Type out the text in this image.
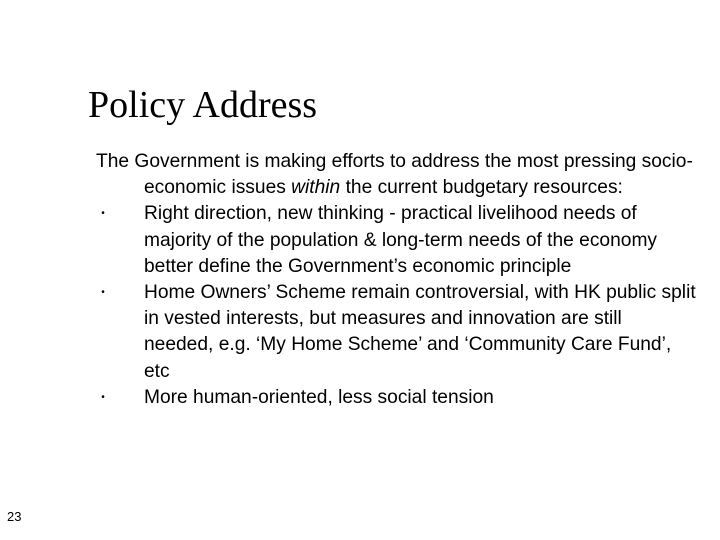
Policy Address

The Government is making efforts to address the most pressing socio-economic issues within the current budgetary resources:

• Right direction, new thinking - practical livelihood needs of majority of the population & long-term needs of the economy better define the Government’s economic principle

• Home Owners’ Scheme remain controversial, with HK public split in vested interests, but measures and innovation are still needed, e.g. ‘My Home Scheme’ and ‘Community Care Fund’, etc

• More human-oriented, less social tension

23
